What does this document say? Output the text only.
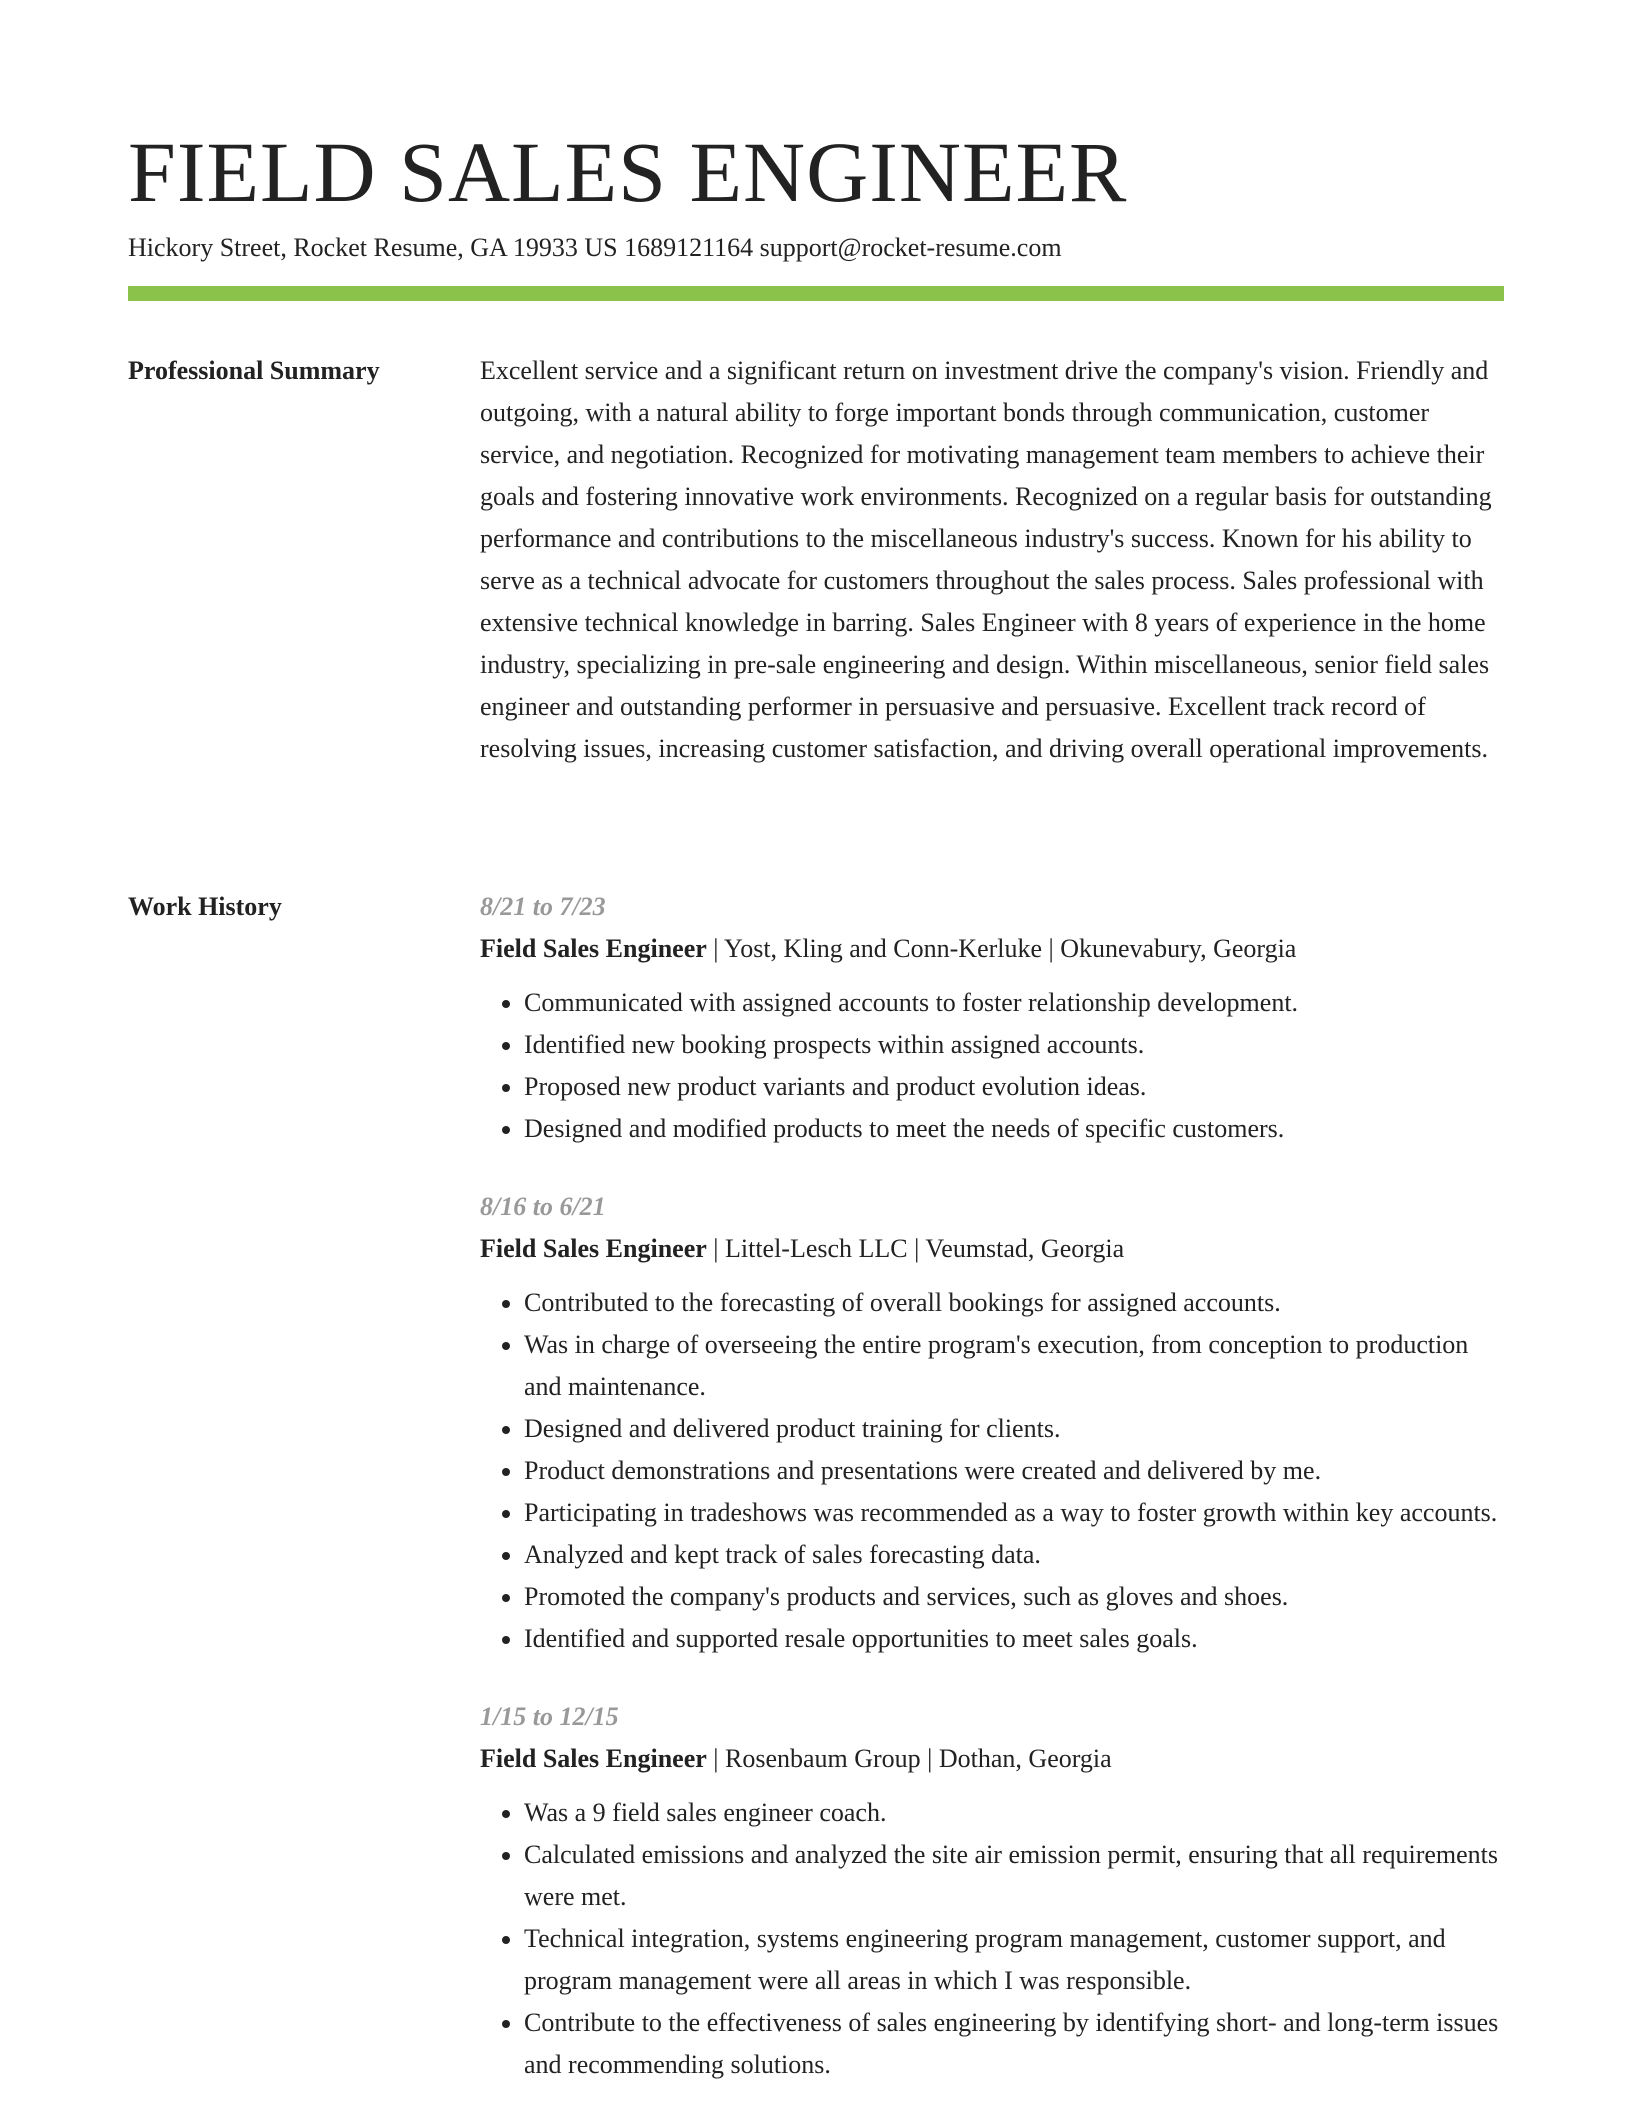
FIELD SALES ENGINEER
Hickory Street, Rocket Resume, GA 19933 US 1689121164 support@rocket-resume.com
Professional Summary	Excellent service and a significant return on investment drive the company's vision. Friendly and outgoing, with a natural ability to forge important bonds through communication, customer service, and negotiation. Recognized for motivating management team members to achieve their goals and fostering innovative work environments. Recognized on a regular basis for outstanding performance and contributions to the miscellaneous industry's success. Known for his ability to serve as a technical advocate for customers throughout the sales process. Sales professional with extensive technical knowledge in barring. Sales Engineer with 8 years of experience in the home industry, specializing in pre-sale engineering and design. Within miscellaneous, senior field sales engineer and outstanding performer in persuasive and persuasive. Excellent track record of resolving issues, increasing customer satisfaction, and driving overall operational improvements.

Work History	8/21 to 7/23
Field Sales Engineer | Yost, Kling and Conn-Kerluke | Okunevabury, Georgia
• Communicated with assigned accounts to foster relationship development.
• Identified new booking prospects within assigned accounts.
• Proposed new product variants and product evolution ideas.
• Designed and modified products to meet the needs of specific customers.
8/16 to 6/21
Field Sales Engineer | Littel-Lesch LLC | Veumstad, Georgia
• Contributed to the forecasting of overall bookings for assigned accounts.
• Was in charge of overseeing the entire program's execution, from conception to production and maintenance.
• Designed and delivered product training for clients.
• Product demonstrations and presentations were created and delivered by me.
• Participating in tradeshows was recommended as a way to foster growth within key accounts.
• Analyzed and kept track of sales forecasting data.
• Promoted the company's products and services, such as gloves and shoes.
• Identified and supported resale opportunities to meet sales goals.
1/15 to 12/15
Field Sales Engineer | Rosenbaum Group | Dothan, Georgia
• Was a 9 field sales engineer coach.
• Calculated emissions and analyzed the site air emission permit, ensuring that all requirements were met.
• Technical integration, systems engineering program management, customer support, and program management were all areas in which I was responsible.
• Contribute to the effectiveness of sales engineering by identifying short- and long-term issues and recommending solutions.
